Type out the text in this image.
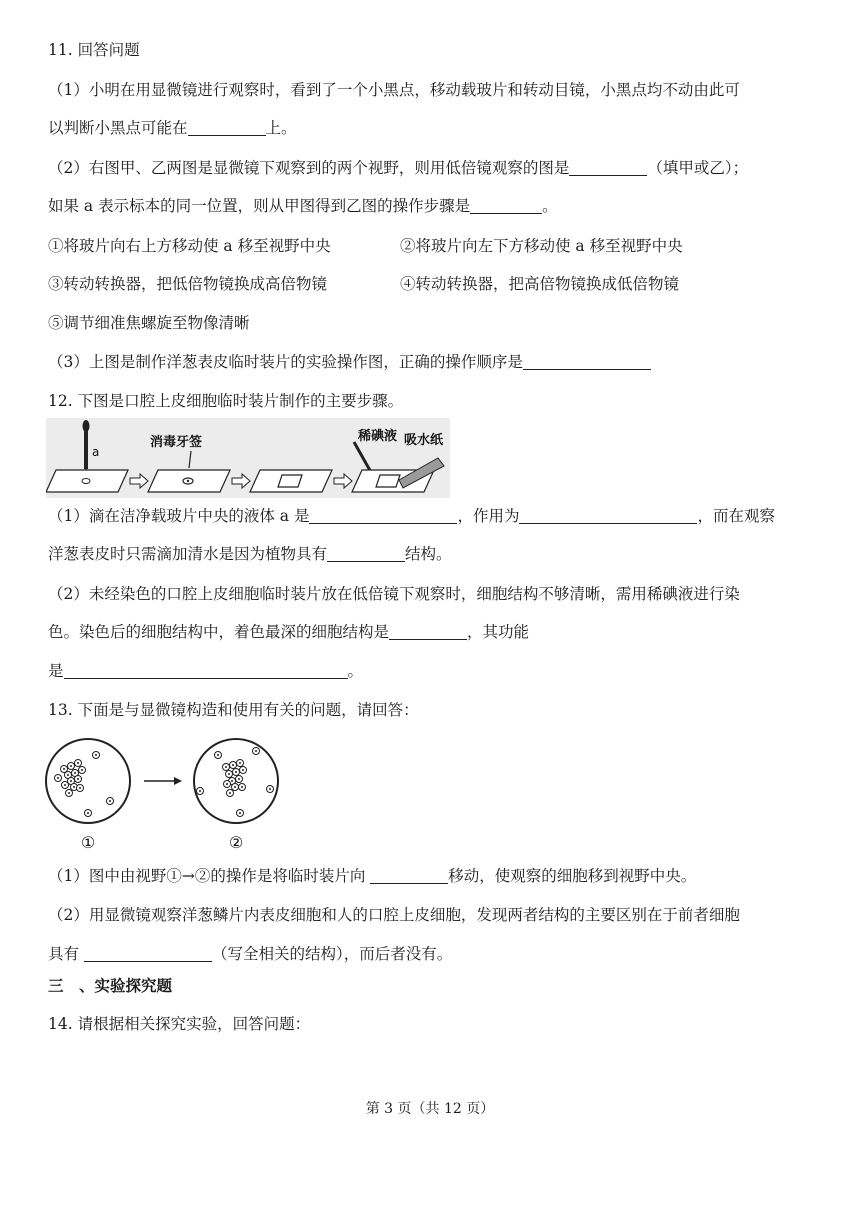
11. 回答问题
（1）小明在用显微镜进行观察时，看到了一个小黑点，移动载玻片和转动目镜，小黑点均不动由此可
以判断小黑点可能在	上。
（2）右图甲、乙两图是显微镜下观察到的两个视野，则用低倍镜观察的图是	（填甲或乙）；
如果 a 表示标本的同一位置，则从甲图得到乙图的操作步骤是	。
①将玻片向右上方移动使 a 移至视野中央	②将玻片向左下方移动使 a 移至视野中央
③转动转换器，把低倍物镜换成高倍物镜	④转动转换器，把高倍物镜换成低倍物镜
⑤调节细准焦螺旋至物像清晰
（3）上图是制作洋葱表皮临时装片的实验操作图，正确的操作顺序是
12. 下图是口腔上皮细胞临时装片制作的主要步骤。
a
消毒牙签	稀碘液 吸水纸
（1）滴在洁净载玻片中央的液体 a 是	，作用为	，而在观察
洋葱表皮时只需滴加清水是因为植物具有	结构。
（2）未经染色的口腔上皮细胞临时装片放在低倍镜下观察时，细胞结构不够清晰，需用稀碘液进行染
色。染色后的细胞结构中，着色最深的细胞结构是	，其功能
是	。
13. 下面是与显微镜构造和使用有关的问题，请回答：
①	②
（1）图中由视野①→②的操作是将临时装片向	移动，使观察的细胞移到视野中央。
（2）用显微镜观察洋葱鳞片内表皮细胞和人的口腔上皮细胞，发现两者结构的主要区别在于前者细胞
具有	（写全相关的结构），而后者没有。
三　、实验探究题
14. 请根据相关探究实验，回答问题：
第 3 页（共 12 页）
